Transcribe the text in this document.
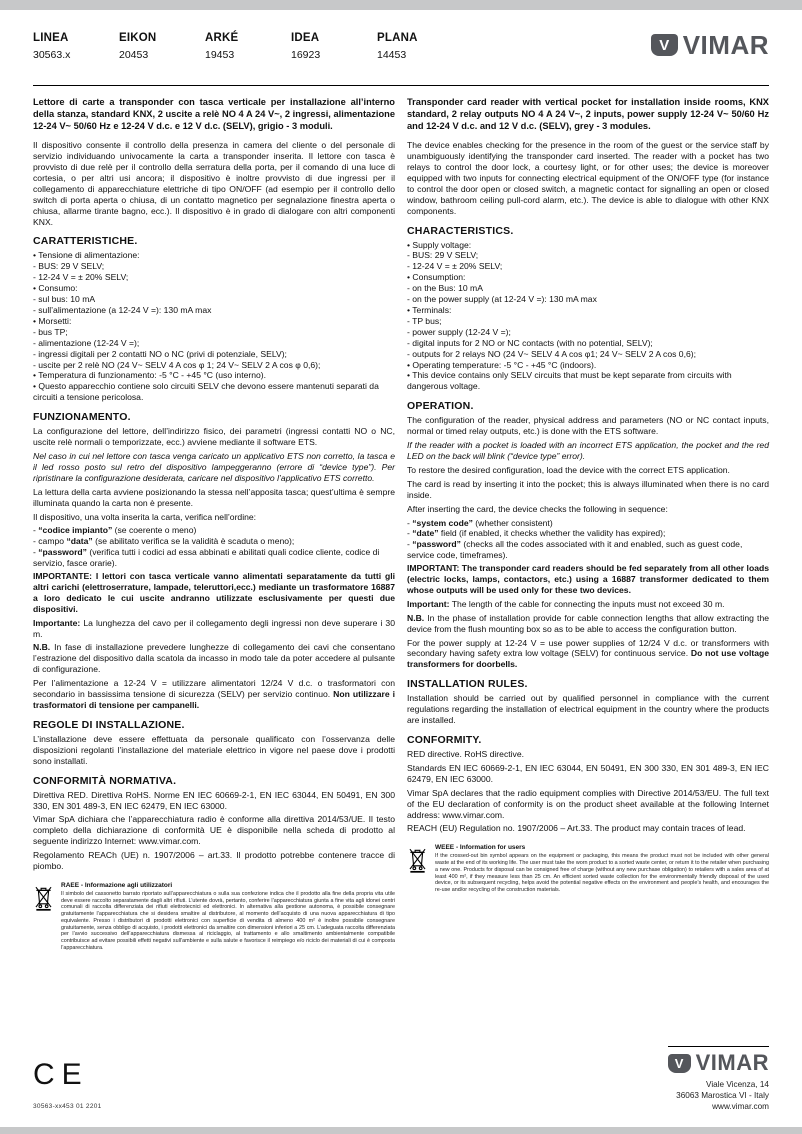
LINEA
30563.x
EIKON
20453
ARKÉ
19453
IDEA
16923
PLANA
14453
V VIMAR
Lettore di carte a transponder con tasca verticale per installazione all’interno della stanza, standard KNX, 2 uscite a relè NO 4 A 24 V~, 2 ingressi, alimentazione 12-24 V~ 50/60 Hz e 12-24 V d.c. e 12 V d.c. (SELV), grigio - 3 moduli.
Il dispositivo consente il controllo della presenza in camera del cliente o del personale di servizio individuando univocamente la carta a transponder inserita. Il lettore con tasca è provvisto di due relè per il controllo della serratura della porta, per il comando di una luce di cortesia, o per altri usi ancora; il dispositivo è inoltre provvisto di due ingressi per il collegamento di apparecchiature elettriche di tipo ON/OFF (ad esempio per il controllo dello switch di porta aperta o chiusa, di un contatto magnetico per segnalazione finestra aperta o chiusa, allarme tirante bagno, ecc.). Il dispositivo è in grado di dialogare con altri componenti KNX.
CARATTERISTICHE.
• Tensione di alimentazione:
- BUS: 29 V SELV;
- 12-24 V = ± 20% SELV;
• Consumo:
- sul bus: 10 mA
- sull’alimentazione (a 12-24 V =): 130 mA max
• Morsetti:
- bus TP;
- alimentazione (12-24 V =);
- ingressi digitali per 2 contatti NO o NC (privi di potenziale, SELV);
- uscite per 2 relè NO (24 V~ SELV 4 A cos φ 1; 24 V~ SELV 2 A cos φ 0,6);
• Temperatura di funzionamento: -5 °C - +45 °C (uso interno).
• Questo apparecchio contiene solo circuiti SELV che devono essere mantenuti separati da circuiti a tensione pericolosa.
FUNZIONAMENTO.
La configurazione del lettore, dell’indirizzo fisico, dei parametri (ingressi contatti NO o NC, uscite relè normali o temporizzate, ecc.) avviene mediante il software ETS.
Nel caso in cui nel lettore con tasca venga caricato un applicativo ETS non corretto, la tasca e il led rosso posto sul retro del dispositivo lampeggeranno (errore di “device type”). Per ripristinare la configurazione desiderata, caricare nel dispositivo l’applicativo ETS corretto.
La lettura della carta avviene posizionando la stessa nell’apposita tasca; quest’ultima è sempre illuminata quando la carta non è presente.
Il dispositivo, una volta inserita la carta, verifica nell’ordine:
- “codice impianto” (se coerente o meno)
- campo “data” (se abilitato verifica se la validità è scaduta o meno);
- “password” (verifica tutti i codici ad essa abbinati e abilitati quali codice cliente, codice di servizio, fasce orarie).
IMPORTANTE: I lettori con tasca verticale vanno alimentati separatamente da tutti gli altri carichi (elettroserrature, lampade, teleruttori,ecc.) mediante un trasformatore 16887 a loro dedicato le cui uscite andranno utilizzate esclusivamente per questi due dispositivi.
Importante: La lunghezza del cavo per il collegamento degli ingressi non deve superare i 30 m.
N.B. In fase di installazione prevedere lunghezze di collegamento dei cavi che consentano l’estrazione del dispositivo dalla scatola da incasso in modo tale da poter accedere al pulsante di configurazione.
Per l’alimentazione a 12-24 V = utilizzare alimentatori 12/24 V d.c. o trasformatori con secondario in bassissima tensione di sicurezza (SELV) per servizio continuo. Non utilizzare i trasformatori di tensione per campanelli.
REGOLE DI INSTALLAZIONE.
L’installazione deve essere effettuata da personale qualificato con l’osservanza delle disposizioni regolanti l’installazione del materiale elettrico in vigore nel paese dove i prodotti sono installati.
CONFORMITÀ NORMATIVA.
Direttiva RED. Direttiva RoHS. Norme EN IEC 60669-2-1, EN IEC 63044, EN 50491, EN 300 330, EN 301 489-3, EN IEC 62479, EN IEC 63000.
Vimar SpA dichiara che l’apparecchiatura radio è conforme alla direttiva 2014/53/UE. Il testo completo della dichiarazione di conformità UE è disponibile nella scheda di prodotto al seguente indirizzo Internet: www.vimar.com.
Regolamento REACh (UE) n. 1907/2006 – art.33. Il prodotto potrebbe contenere tracce di piombo.
RAEE - Informazione agli utilizzatori
Il simbolo del cassonetto barrato riportato sull’apparecchiatura o sulla sua confezione indica che il prodotto alla fine della propria vita utile deve essere raccolto separatamente dagli altri rifiuti. L’utente dovrà, pertanto, conferire l’apparecchiatura giunta a fine vita agli idonei centri comunali di raccolta differenziata dei rifiuti elettrotecnici ed elettronici. In alternativa alla gestione autonoma, è possibile consegnare gratuitamente l’apparecchiatura che si desidera smaltire al distributore, al momento dell’acquisto di una nuova apparecchiatura di tipo equivalente. Presso i distributori di prodotti elettronici con superficie di vendita di almeno 400 m² è inoltre possibile consegnare gratuitamente, senza obbligo di acquisto, i prodotti elettronici da smaltire con dimensioni inferiori a 25 cm. L’adeguata raccolta differenziata per l’avvio successivo dell’apparecchiatura dismessa al riciclaggio, al trattamento e allo smaltimento ambientalmente compatibile contribuisce ad evitare possibili effetti negativi sull’ambiente e sulla salute e favorisce il reimpiego e/o riciclo dei materiali di cui è composta l’apparecchiatura.
Transponder card reader with vertical pocket for installation inside rooms, KNX standard, 2 relay outputs NO 4 A 24 V~, 2 inputs, power supply 12-24 V~ 50/60 Hz and 12-24 V d.c. and 12 V d.c. (SELV), grey - 3 modules.
The device enables checking for the presence in the room of the guest or the service staff by unambiguously identifying the transponder card inserted. The reader with a pocket has two relays to control the door lock, a courtesy light, or for other uses; the device is moreover equipped with two inputs for connecting electrical equipment of the ON/OFF type (for instance to control the door open or closed switch, a magnetic contact for signalling an open or closed window, bathroom ceiling pull-cord alarm, etc.). The device is able to dialogue with other KNX components.
CHARACTERISTICS.
• Supply voltage:
- BUS: 29 V SELV;
- 12-24 V = ± 20% SELV;
• Consumption:
- on the Bus: 10 mA
- on the power supply (at 12-24 V =): 130 mA max
• Terminals:
- TP bus;
- power supply (12-24 V =);
- digital inputs for 2 NO or NC contacts (with no potential, SELV);
- outputs for 2 relays NO (24 V~ SELV 4 A cos φ1; 24 V~ SELV 2 A cos 0,6);
• Operating temperature: -5 °C - +45 °C (indoors).
• This device contains only SELV circuits that must be kept separate from circuits with dangerous voltage.
OPERATION.
The configuration of the reader, physical address and parameters (NO or NC contact inputs, normal or timed relay outputs, etc.) is done with the ETS software.
If the reader with a pocket is loaded with an incorrect ETS application, the pocket and the red LED on the back will blink (“device type” error).
To restore the desired configuration, load the device with the correct ETS application.
The card is read by inserting it into the pocket; this is always illuminated when there is no card inside.
After inserting the card, the device checks the following in sequence:
- “system code” (whether consistent)
- “date” field (if enabled, it checks whether the validity has expired);
- “password” (checks all the codes associated with it and enabled, such as guest code, service code, timeframes).
IMPORTANT: The transponder card readers should be fed separately from all other loads (electric locks, lamps, contactors, etc.) using a 16887 transformer dedicated to them whose outputs will be used only for these two devices.
Important: The length of the cable for connecting the inputs must not exceed 30 m.
N.B. In the phase of installation provide for cable connection lengths that allow extracting the device from the flush mounting box so as to be able to access the configuration button.
For the power supply at 12-24 V = use power supplies of 12/24 V d.c. or transformers with secondary having safety extra low voltage (SELV) for continuous service. Do not use voltage transformers for doorbells.
INSTALLATION RULES.
Installation should be carried out by qualified personnel in compliance with the current regulations regarding the installation of electrical equipment in the country where the products are installed.
CONFORMITY.
RED directive. RoHS directive.
Standards EN IEC 60669-2-1, EN IEC 63044, EN 50491, EN 300 330, EN 301 489-3, EN IEC 62479, EN IEC 63000.
Vimar SpA declares that the radio equipment complies with Directive 2014/53/EU. The full text of the EU declaration of conformity is on the product sheet available at the following Internet address: www.vimar.com.
REACH (EU) Regulation no. 1907/2006 – Art.33. The product may contain traces of lead.
WEEE - Information for users
If the crossed-out bin symbol appears on the equipment or packaging, this means the product must not be included with other general waste at the end of its working life. The user must take the worn product to a sorted waste center, or return it to the retailer when purchasing a new one. Products for disposal can be consigned free of charge (without any new purchase obligation) to retailers with a sales area of at least 400 m², if they measure less than 25 cm. An efficient sorted waste collection for the environmentally friendly disposal of the used device, or its subsequent recycling, helps avoid the potential negative effects on the environment and people’s health, and encourages the re-use and/or recycling of the construction materials.
CE
30563-xx453 01 2201
V VIMAR
Viale Vicenza, 14
36063 Marostica VI - Italy
www.vimar.com
